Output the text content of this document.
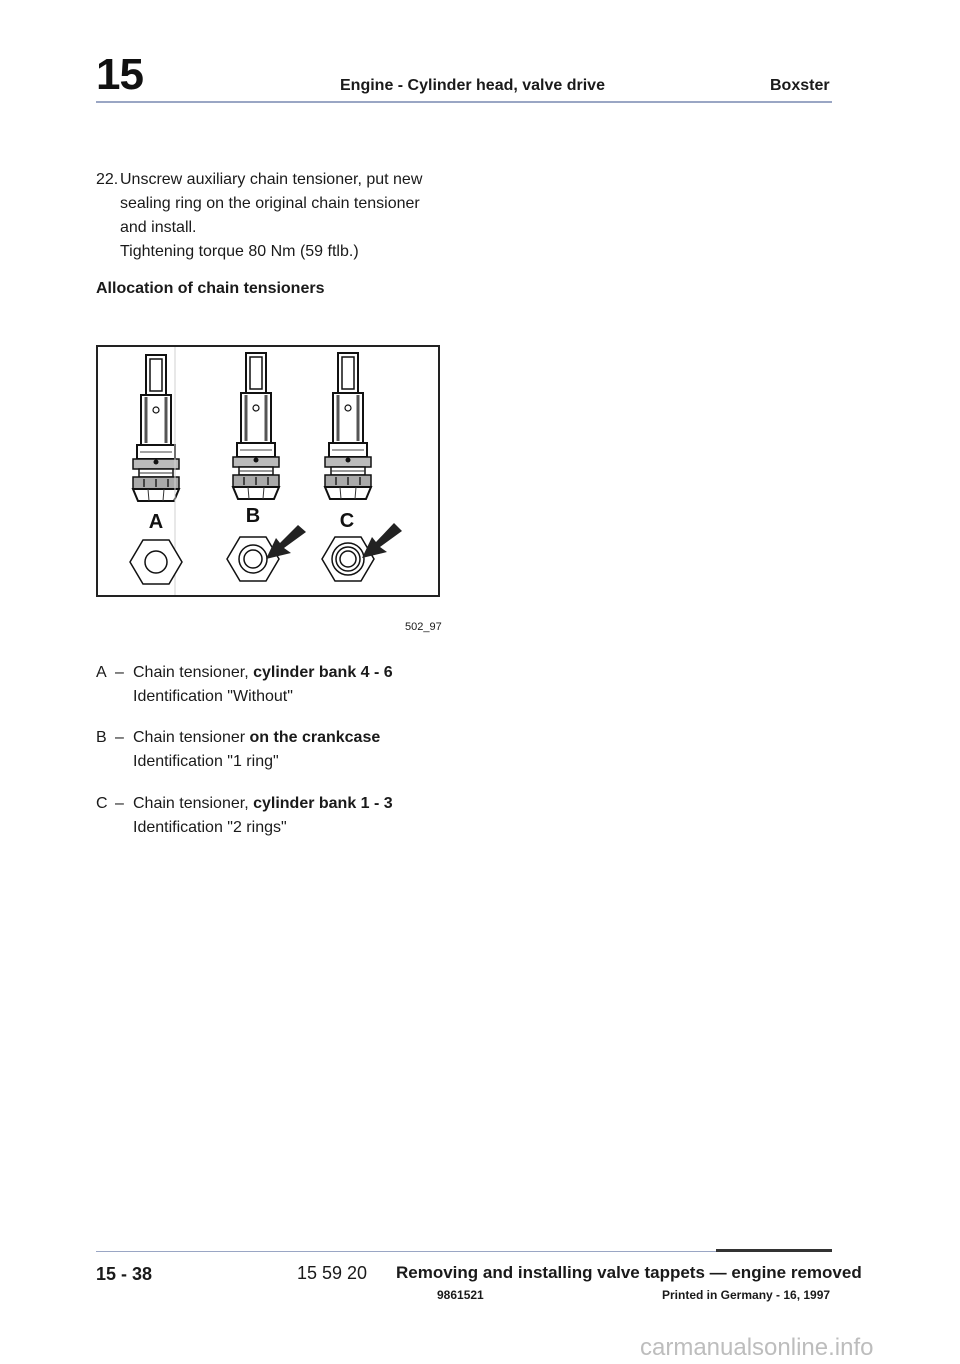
15	Engine - Cylinder head, valve drive	Boxster
22. Unscrew auxiliary chain tensioner, put new
sealing ring on the original chain tensioner
and install.
Tightening torque 80 Nm (59 ftlb.)
Allocation of chain tensioners
A	B	C
502_97
A – Chain tensioner, cylinder bank 4 - 6
Identification "Without"
B – Chain tensioner on the crankcase
Identification "1 ring"
C – Chain tensioner, cylinder bank 1 - 3
Identification "2 rings"
15 - 38	15 59 20 Removing and installing valve tappets — engine removed
9861521	Printed in Germany - 16, 1997
carmanualsonline.info
